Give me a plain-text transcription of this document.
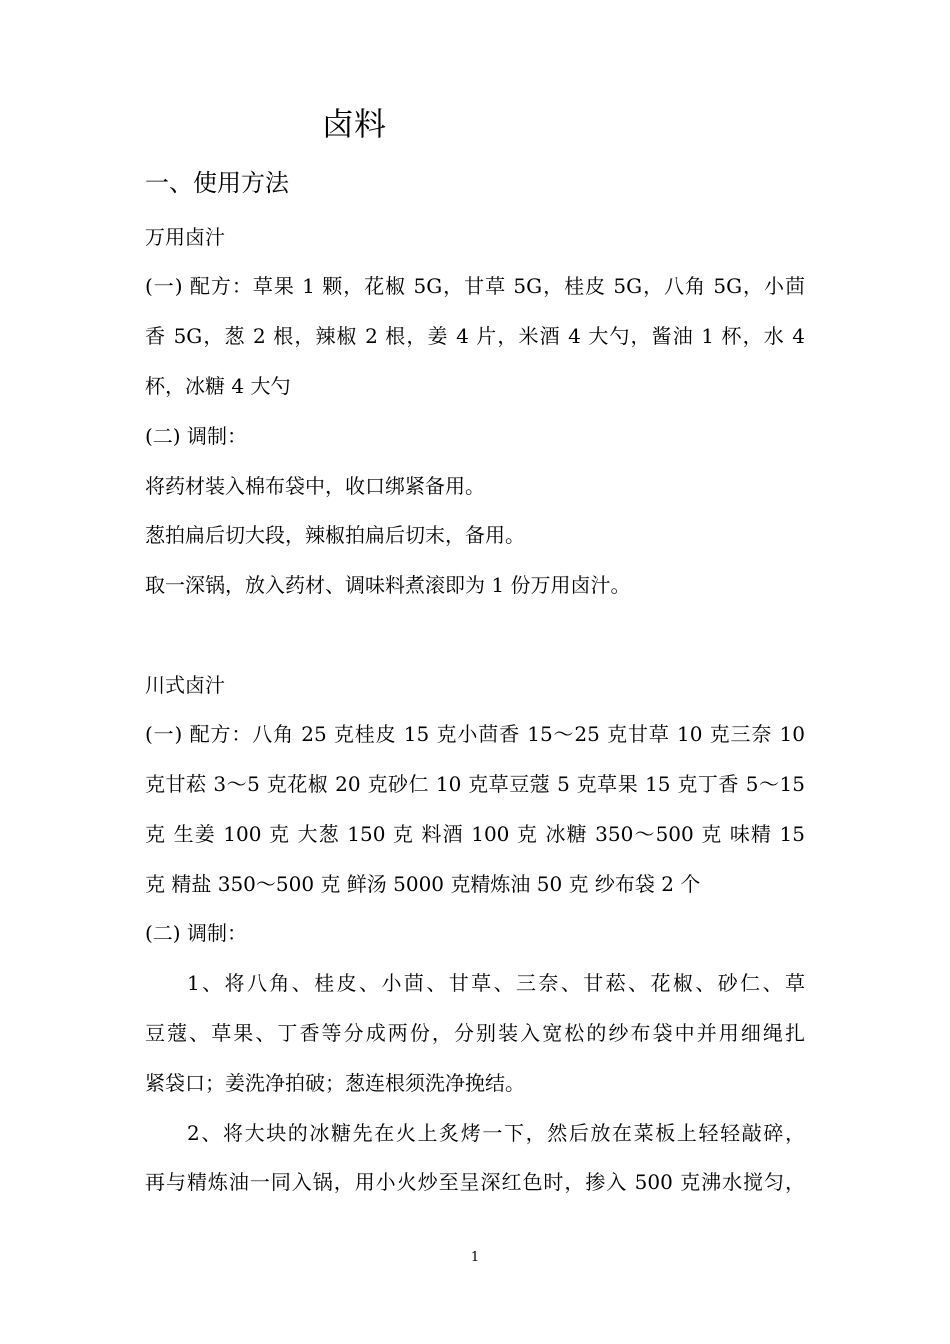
卤料
一、使用方法
万用卤汁
(一) 配方：草果 1 颗，花椒 5G，甘草 5G，桂皮 5G，八角 5G，小茴
香 5G，葱 2 根，辣椒 2 根，姜 4 片，米酒 4 大勺，酱油 1 杯，水 4
杯，冰糖 4 大勺
(二) 调制：
将药材装入棉布袋中，收口绑紧备用。
葱拍扁后切大段，辣椒拍扁后切末，备用。
取一深锅，放入药材、调味料煮滚即为 1 份万用卤汁。
川式卤汁
(一) 配方：八角 25 克桂皮 15 克小茴香 15～25 克甘草 10 克三奈 10
克甘菘 3～5 克花椒 20 克砂仁 10 克草豆蔻 5 克草果 15 克丁香 5～15
克 生姜 100 克 大葱 150 克 料酒 100 克 冰糖 350～500 克 味精 15
克 精盐 350～500 克 鲜汤 5000 克精炼油 50 克 纱布袋 2 个
(二) 调制：
1、将八角、桂皮、小茴、甘草、三奈、甘菘、花椒、砂仁、草
豆蔻、草果、丁香等分成两份，分别装入宽松的纱布袋中并用细绳扎
紧袋口；姜洗净拍破；葱连根须洗净挽结。
2、将大块的冰糖先在火上炙烤一下，然后放在菜板上轻轻敲碎，
再与精炼油一同入锅，用小火炒至呈深红色时，掺入 500 克沸水搅匀，
1
